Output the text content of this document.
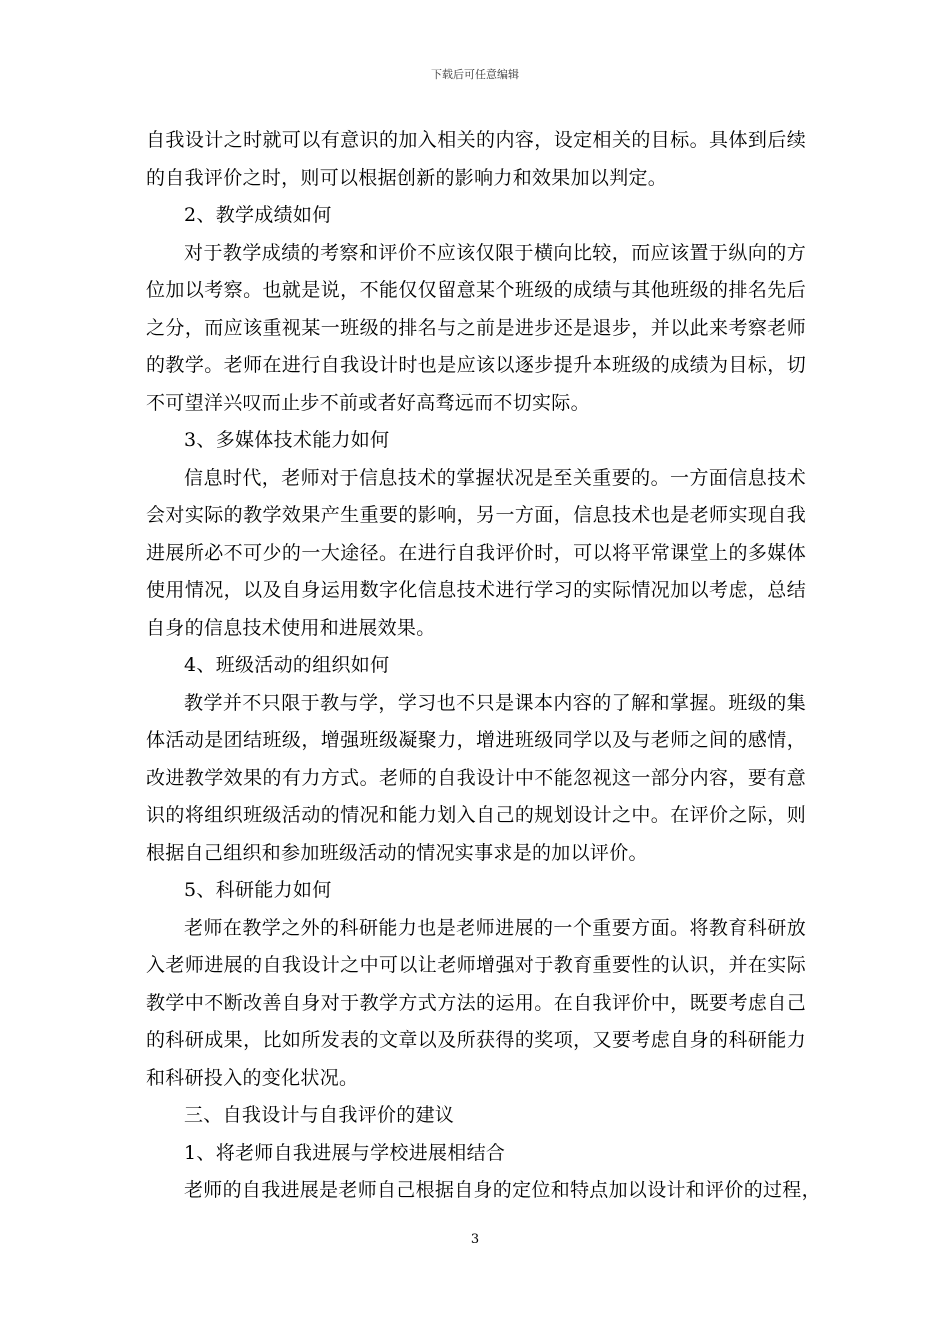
下载后可任意编辑
自我设计之时就可以有意识的加入相关的内容，设定相关的目标。具体到后续
的自我评价之时，则可以根据创新的影响力和效果加以判定。
2、教学成绩如何
对于教学成绩的考察和评价不应该仅限于横向比较，而应该置于纵向的方
位加以考察。也就是说，不能仅仅留意某个班级的成绩与其他班级的排名先后
之分，而应该重视某一班级的排名与之前是进步还是退步，并以此来考察老师
的教学。老师在进行自我设计时也是应该以逐步提升本班级的成绩为目标，切
不可望洋兴叹而止步不前或者好高骛远而不切实际。
3、多媒体技术能力如何
信息时代，老师对于信息技术的掌握状况是至关重要的。一方面信息技术
会对实际的教学效果产生重要的影响，另一方面，信息技术也是老师实现自我
进展所必不可少的一大途径。在进行自我评价时，可以将平常课堂上的多媒体
使用情况，以及自身运用数字化信息技术进行学习的实际情况加以考虑，总结
自身的信息技术使用和进展效果。
4、班级活动的组织如何
教学并不只限于教与学，学习也不只是课本内容的了解和掌握。班级的集
体活动是团结班级，增强班级凝聚力，增进班级同学以及与老师之间的感情，
改进教学效果的有力方式。老师的自我设计中不能忽视这一部分内容，要有意
识的将组织班级活动的情况和能力划入自己的规划设计之中。在评价之际，则
根据自己组织和参加班级活动的情况实事求是的加以评价。
5、科研能力如何
老师在教学之外的科研能力也是老师进展的一个重要方面。将教育科研放
入老师进展的自我设计之中可以让老师增强对于教育重要性的认识，并在实际
教学中不断改善自身对于教学方式方法的运用。在自我评价中，既要考虑自己
的科研成果，比如所发表的文章以及所获得的奖项，又要考虑自身的科研能力
和科研投入的变化状况。
三、自我设计与自我评价的建议
1、将老师自我进展与学校进展相结合
老师的自我进展是老师自己根据自身的定位和特点加以设计和评价的过程，
3
